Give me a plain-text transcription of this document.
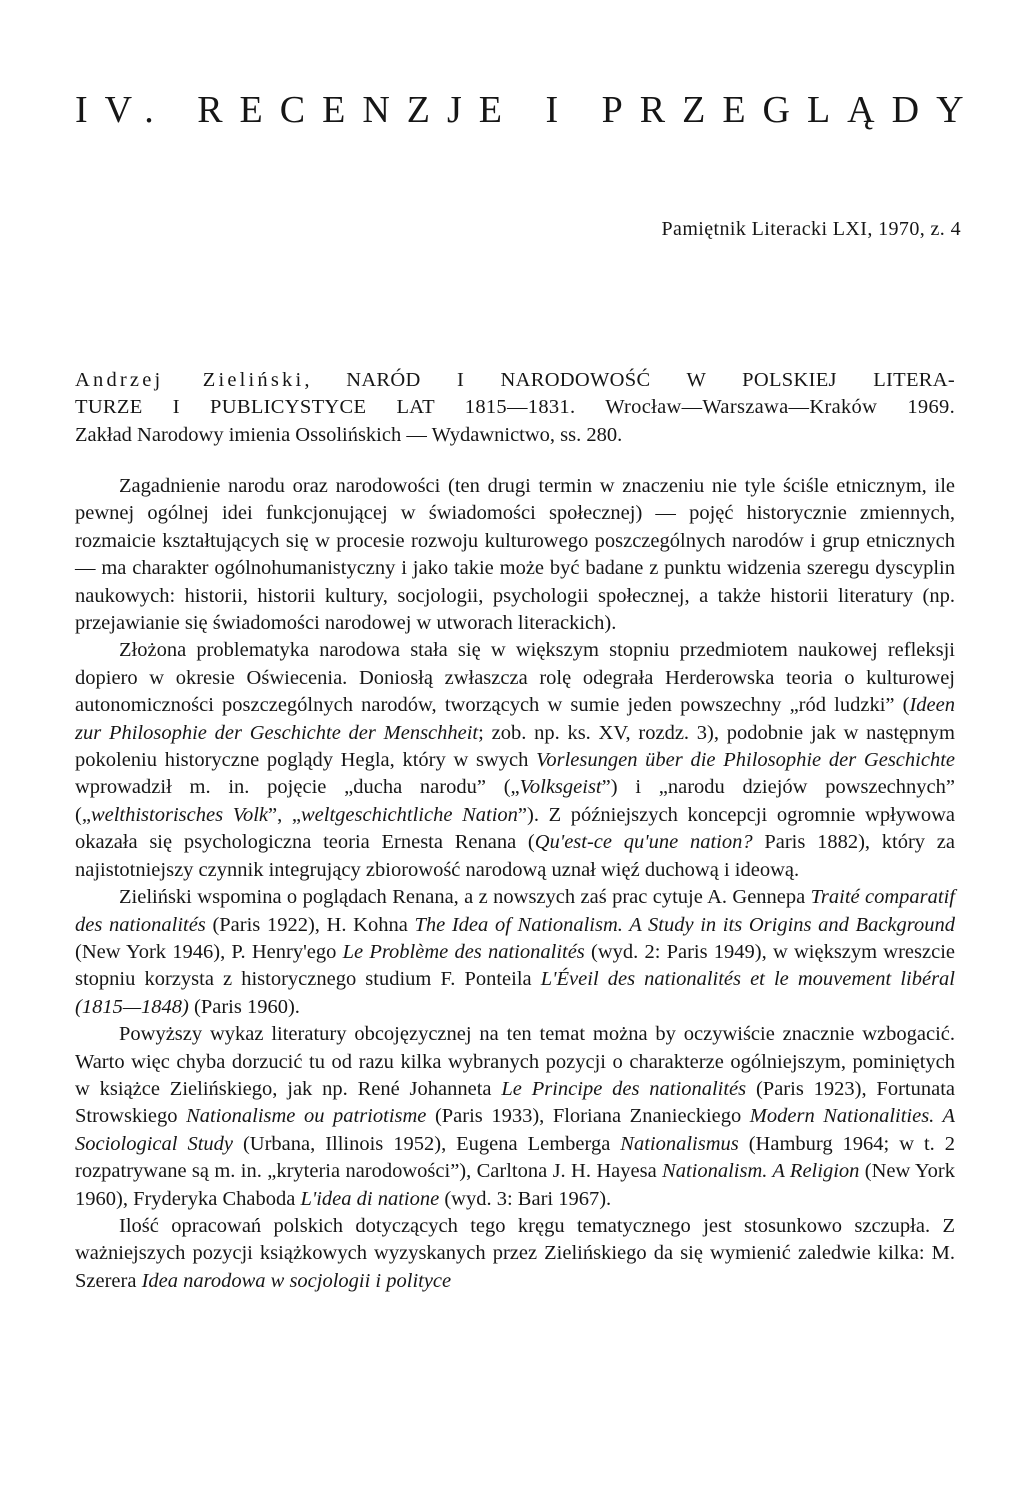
IV. RECENZJE I PRZEGLĄDY
Pamiętnik Literacki LXI, 1970, z. 4
Andrzej Zieliński, NARÓD I NARODOWOŚĆ W POLSKIEJ LITERA-
TURZE I PUBLICYSTYCE LAT 1815—1831. Wrocław—Warszawa—Kraków 1969.
Zakład Narodowy imienia Ossolińskich — Wydawnictwo, ss. 280.

Zagadnienie narodu oraz narodowości (ten drugi termin w znaczeniu nie tyle ściśle etnicznym, ile pewnej ogólnej idei funkcjonującej w świadomości społecznej) — pojęć historycznie zmiennych, rozmaicie kształtujących się w procesie rozwoju kulturowego poszczególnych narodów i grup etnicznych — ma charakter ogólnohumanistyczny i jako takie może być badane z punktu widzenia szeregu dyscyplin naukowych: historii, historii kultury, socjologii, psychologii społecznej, a także historii literatury (np. przejawianie się świadomości narodowej w utworach literackich).

Złożona problematyka narodowa stała się w większym stopniu przedmiotem naukowej refleksji dopiero w okresie Oświecenia. Doniosłą zwłaszcza rolę odegrała Herderowska teoria o kulturowej autonomiczności poszczególnych narodów, tworzących w sumie jeden powszechny „ród ludzki” (Ideen zur Philosophie der Geschichte der Menschheit; zob. np. ks. XV, rozdz. 3), podobnie jak w następnym pokoleniu historyczne poglądy Hegla, który w swych Vorlesungen über die Philosophie der Geschichte wprowadził m. in. pojęcie „ducha narodu” („Volksgeist”) i „narodu dziejów powszechnych” („welthistorisches Volk”, „weltgeschichtliche Nation”). Z późniejszych koncepcji ogromnie wpływowa okazała się psychologiczna teoria Ernesta Renana (Qu'est-ce qu'une nation? Paris 1882), który za najistotniejszy czynnik integrujący zbiorowość narodową uznał więź duchową i ideową.

Zieliński wspomina o poglądach Renana, a z nowszych zaś prac cytuje A. Gennepa Traité comparatif des nationalités (Paris 1922), H. Kohna The Idea of Nationalism. A Study in its Origins and Background (New York 1946), P. Henry'ego Le Problème des nationalités (wyd. 2: Paris 1949), w większym wreszcie stopniu korzysta z historycznego studium F. Ponteila L'Éveil des nationalités et le mouvement libéral (1815—1848) (Paris 1960).

Powyższy wykaz literatury obcojęzycznej na ten temat można by oczywiście znacznie wzbogacić. Warto więc chyba dorzucić tu od razu kilka wybranych pozycji o charakterze ogólniejszym, pominiętych w książce Zielińskiego, jak np. René Johanneta Le Principe des nationalités (Paris 1923), Fortunata Strowskiego Nationalisme ou patriotisme (Paris 1933), Floriana Znanieckiego Modern Nationalities. A Sociological Study (Urbana, Illinois 1952), Eugena Lemberga Nationalismus (Hamburg 1964; w t. 2 rozpatrywane są m. in. „kryteria narodowości”), Carltona J. H. Hayesa Nationalism. A Religion (New York 1960), Fryderyka Chaboda L'idea di natione (wyd. 3: Bari 1967).

Ilość opracowań polskich dotyczących tego kręgu tematycznego jest stosunkowo szczupła. Z ważniejszych pozycji książkowych wyzyskanych przez Zielińskiego da się wymienić zaledwie kilka: M. Szerera Idea narodowa w socjologii i polityce
